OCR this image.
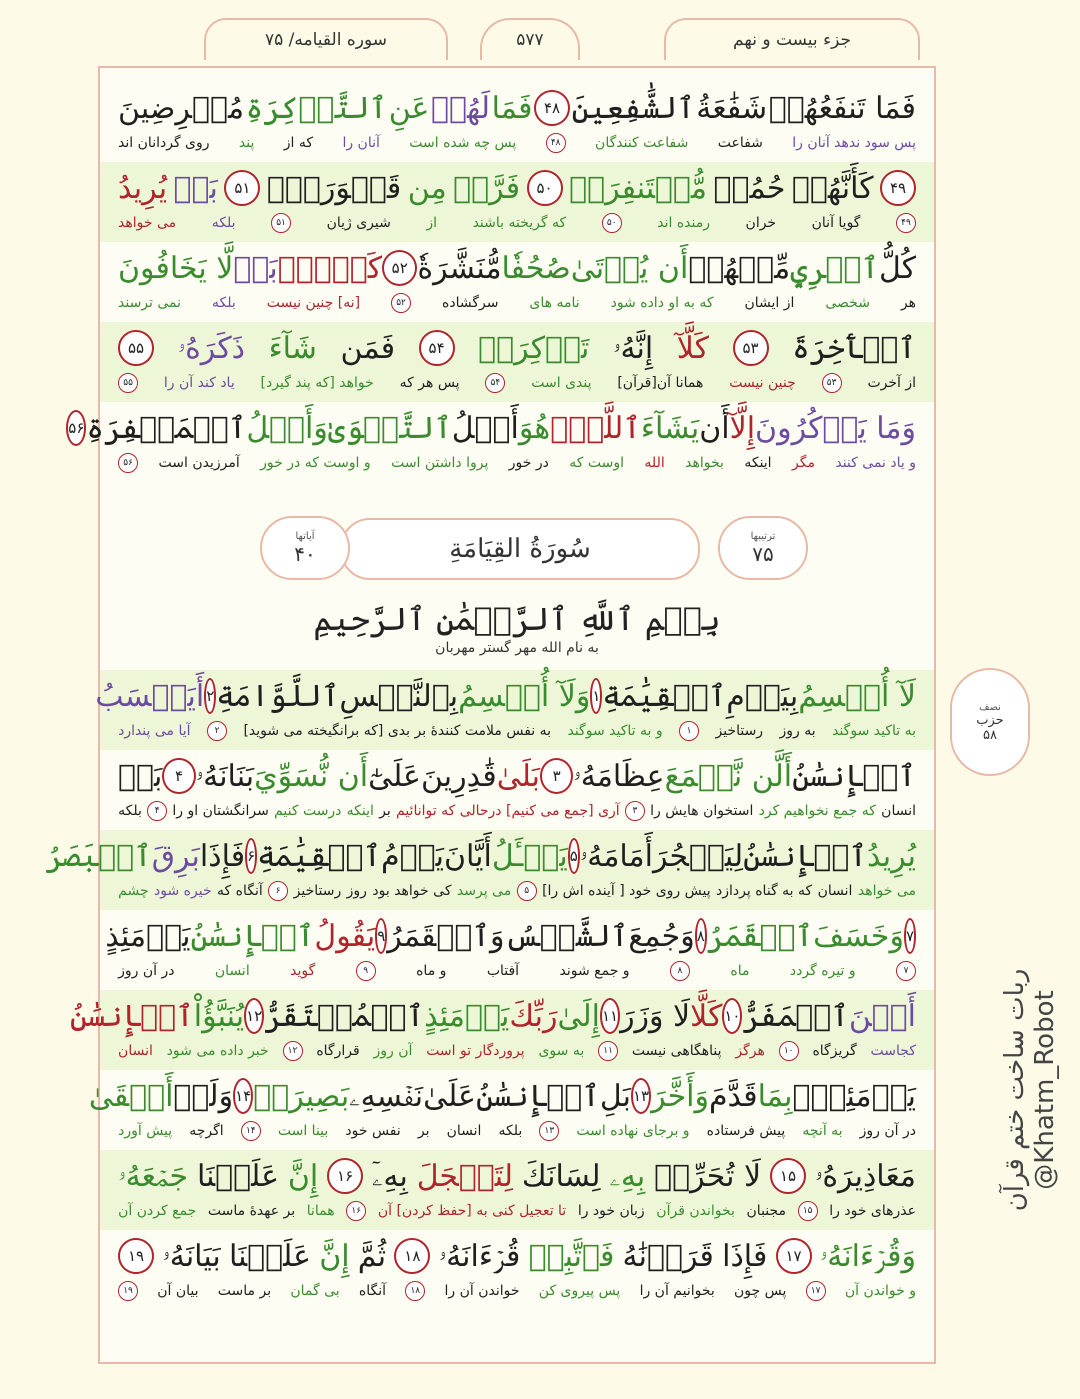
جزء بیست و نهم
۵۷۷
سوره القیامه/ ۷۵
فَمَا تَنفَعُهُمۡ
شَفَٰعَةُ
ٱلشَّٰفِعِينَ
۴۸
فَمَا
لَهُمۡ
عَنِ
ٱلتَّذۡكِرَةِ
مُعۡرِضِينَ
پس سود ندهد آنان را
شفاعت
شفاعت کنندگان
۴۸
پس چه شده است
آنان را
که از
پند
روی گردانان اند
۴۹
كَأَنَّهُمۡ
حُمُرٞ
مُّسۡتَنفِرَةٞ
۵۰
فَرَّتۡ
مِن
قَسۡوَرَةِۭ
۵۱
بَلۡ
يُرِيدُ
۴۹
گویا آنان
خران
رمنده اند
۵۰
که گریخته باشند
از
شیری ژیان
۵۱
بلکه
می خواهد
كُلُّ
ٱمۡرِيٕ
مِّنۡهُمۡ
أَن يُؤۡتَىٰ
صُحُفٗا
مُّنَشَّرَةٗ
۵۲
كَلَّاۖ
بَلۡ
لَّا يَخَافُونَ
هر
شخصی
از ایشان
که به او داده شود
نامه های
سرگشاده
۵۲
[نه] چنین نیست
بلکه
نمی ترسند
ٱلۡأٓخِرَةَ
۵۳
كَلَّآ
إِنَّهُۥ
تَذۡكِرَةٞ
۵۴
فَمَن
شَآءَ
ذَكَرَهُۥ
۵۵
از آخرت
۵۳
چنین نیست
همانا آن[قرآن]
پندی است
۵۴
پس هر که
خواهد [که پند گیرد]
یاد کند آن را
۵۵
وَمَا يَذۡكُرُونَ
إِلَّآ
أَن
يَشَآءَ
ٱللَّهُۚ
هُوَ
أَهۡلُ
ٱلتَّقۡوَىٰ
وَأَهۡلُ
ٱلۡمَغۡفِرَةِ
۵۶
و یاد نمی کنند
مگر
اینکه
بخواهد
الله
اوست که
در خور
پروا داشتن است
و اوست که در خور
آمرزیدن است
۵۶
ترتیبها
۷۵
سُورَةُ القِيَامَةِ
آیاتها
۴۰
بِسۡمِ ٱللَّهِ ٱلرَّحۡمَٰنِ ٱلرَّحِيمِ
به نام الله مهر گستر مهربان
لَآ أُقۡسِمُ
بِيَوۡمِ
ٱلۡقِيَٰمَةِ
۱
وَلَآ أُقۡسِمُ
بِٱلنَّفۡسِ
ٱللَّوَّامَةِ
۲
أَيَحۡسَبُ
به تاکید سوگند
به روز
رستاخیز
۱
و به تاکید سوگند
به نفس ملامت کنندهٔ بر بدی [که برانگیخته می شوید]
۲
آیا می پندارد
ٱلۡإِنسَٰنُ
أَلَّن نَّجۡمَعَ
عِظَامَهُۥ
۳
بَلَىٰ
قَٰدِرِينَ
عَلَىٰٓ
أَن نُّسَوِّيَ
بَنَانَهُۥ
۴
بَلۡ
انسان
که جمع نخواهیم کرد
استخوان هایش را
۳
آری [جمع می کنیم] درحالی که توانائیم
بر
اینکه
درست کنیم
سرانگشتان او را
۴
بلکه
يُرِيدُ
ٱلۡإِنسَٰنُ
لِيَفۡجُرَ
أَمَامَهُۥ
۵
يَسۡـَٔلُ
أَيَّانَ
يَوۡمُ
ٱلۡقِيَٰمَةِ
۶
فَإِذَا
بَرِقَ
ٱلۡبَصَرُ
می خواهد
انسان
که به گناه پردازد
پیش روی خود [ آینده اش را]
۵
می پرسد
کی خواهد بود
روز
رستاخیز
۶
آنگاه که
خیره شود
چشم
۷
وَخَسَفَ
ٱلۡقَمَرُ
۸
وَجُمِعَ
ٱلشَّمۡسُ
وَٱلۡقَمَرُ
۹
يَقُولُ
ٱلۡإِنسَٰنُ
يَوۡمَئِذٍ
۷
و تیره گردد
ماه
۸
و جمع شوند
آفتاب
و ماه
۹
گوید
انسان
در آن روز
أَيۡنَ
ٱلۡمَفَرُّ
۱۰
كَلَّا
لَا وَزَرَ
۱۱
إِلَىٰ
رَبِّكَ
يَوۡمَئِذٍ
ٱلۡمُسۡتَقَرُّ
۱۲
يُنَبَّؤُاْ
ٱلۡإِنسَٰنُ
کجاست
گریزگاه
۱۰
هرگز
پناهگاهی نیست
۱۱
به سوی
پروردگار تو است
آن روز
قرارگاه
۱۲
خبر داده می شود
انسان
يَوۡمَئِذِۭ
بِمَا
قَدَّمَ
وَأَخَّرَ
۱۳
بَلِ
ٱلۡإِنسَٰنُ
عَلَىٰ
نَفۡسِهِۦ
بَصِيرَةٞ
۱۴
وَلَوۡ
أَلۡقَىٰ
در آن روز
به آنچه
پیش فرستاده
و برجای نهاده است
۱۳
بلکه
انسان
بر
نفس خود
بینا است
۱۴
اگرچه
پیش آورد
مَعَاذِيرَهُۥ
۱۵
لَا تُحَرِّكۡ
بِهِۦ
لِسَانَكَ
لِتَعۡجَلَ
بِهِۦٓ
۱۶
إِنَّ
عَلَيۡنَا
جَمۡعَهُۥ
عذرهای خود را
۱۵
مجنبان
بخواندن قرآن
زبان خود را
تا تعجیل کنی به [حفظ کردن] آن
۱۶
همانا
بر عهدهٔ ماست
جمع کردن آن
وَقُرۡءَانَهُۥ
۱۷
فَإِذَا
قَرَأۡنَٰهُ
فَٱتَّبِعۡ
قُرۡءَانَهُۥ
۱۸
ثُمَّ
إِنَّ
عَلَيۡنَا
بَيَانَهُۥ
۱۹
و خواندن آن
۱۷
پس چون
بخوانیم آن را
پس پیروی کن
خواندن آن را
۱۸
آنگاه
بی گمان
بر ماست
بیان آن
۱۹
نصف
حزب
۵۸
ربات ساخت ختم قرآن @Khatm_Robot
